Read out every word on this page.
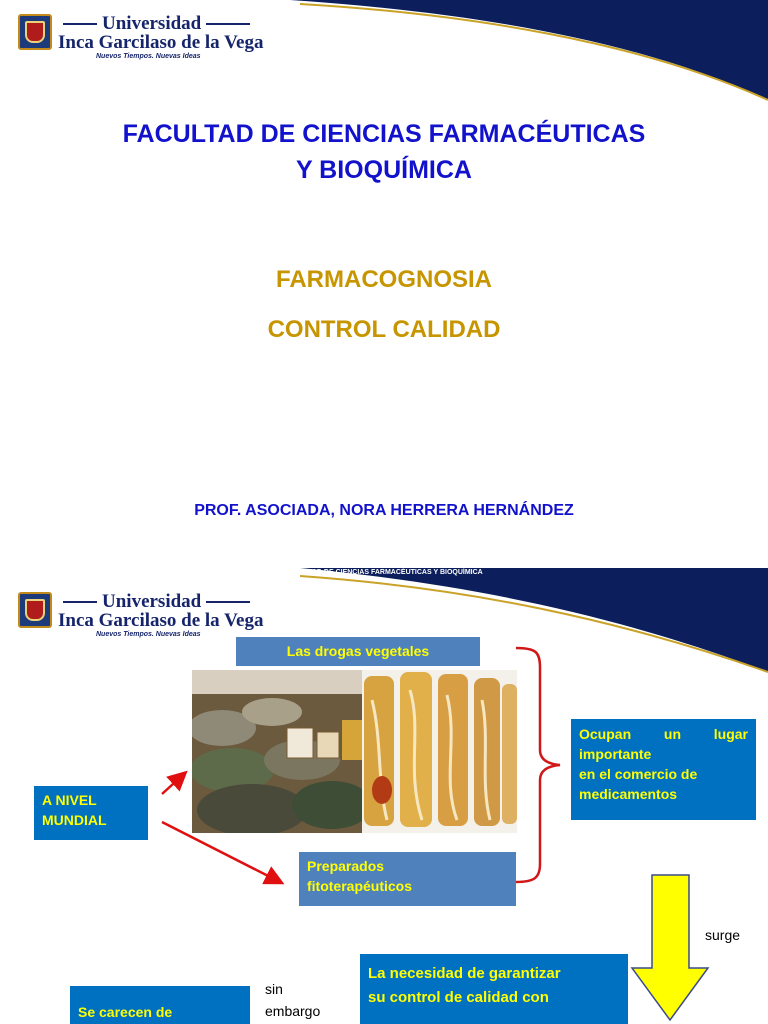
Universidad
Inca Garcilaso de la Vega
Nuevos Tiempos. Nuevas Ideas
FACULTAD DE CIENCIAS FARMACÉUTICAS
Y BIOQUÍMICA
FARMACOGNOSIA
CONTROL CALIDAD
PROF. ASOCIADA, NORA HERRERA HERNÁNDEZ
FACULTAD DE CIENCIAS FARMACÉUTICAS Y BIOQUÍMICA
Universidad
Inca Garcilaso de la Vega
Nuevos Tiempos. Nuevas Ideas
Las drogas vegetales
A NIVEL
MUNDIAL
Preparados
fitoterapéuticos
Ocupan un lugar
importante
en el comercio de
medicamentos
surge
sin
embargo
Se carecen de
La necesidad de garantizar
su control de calidad con
